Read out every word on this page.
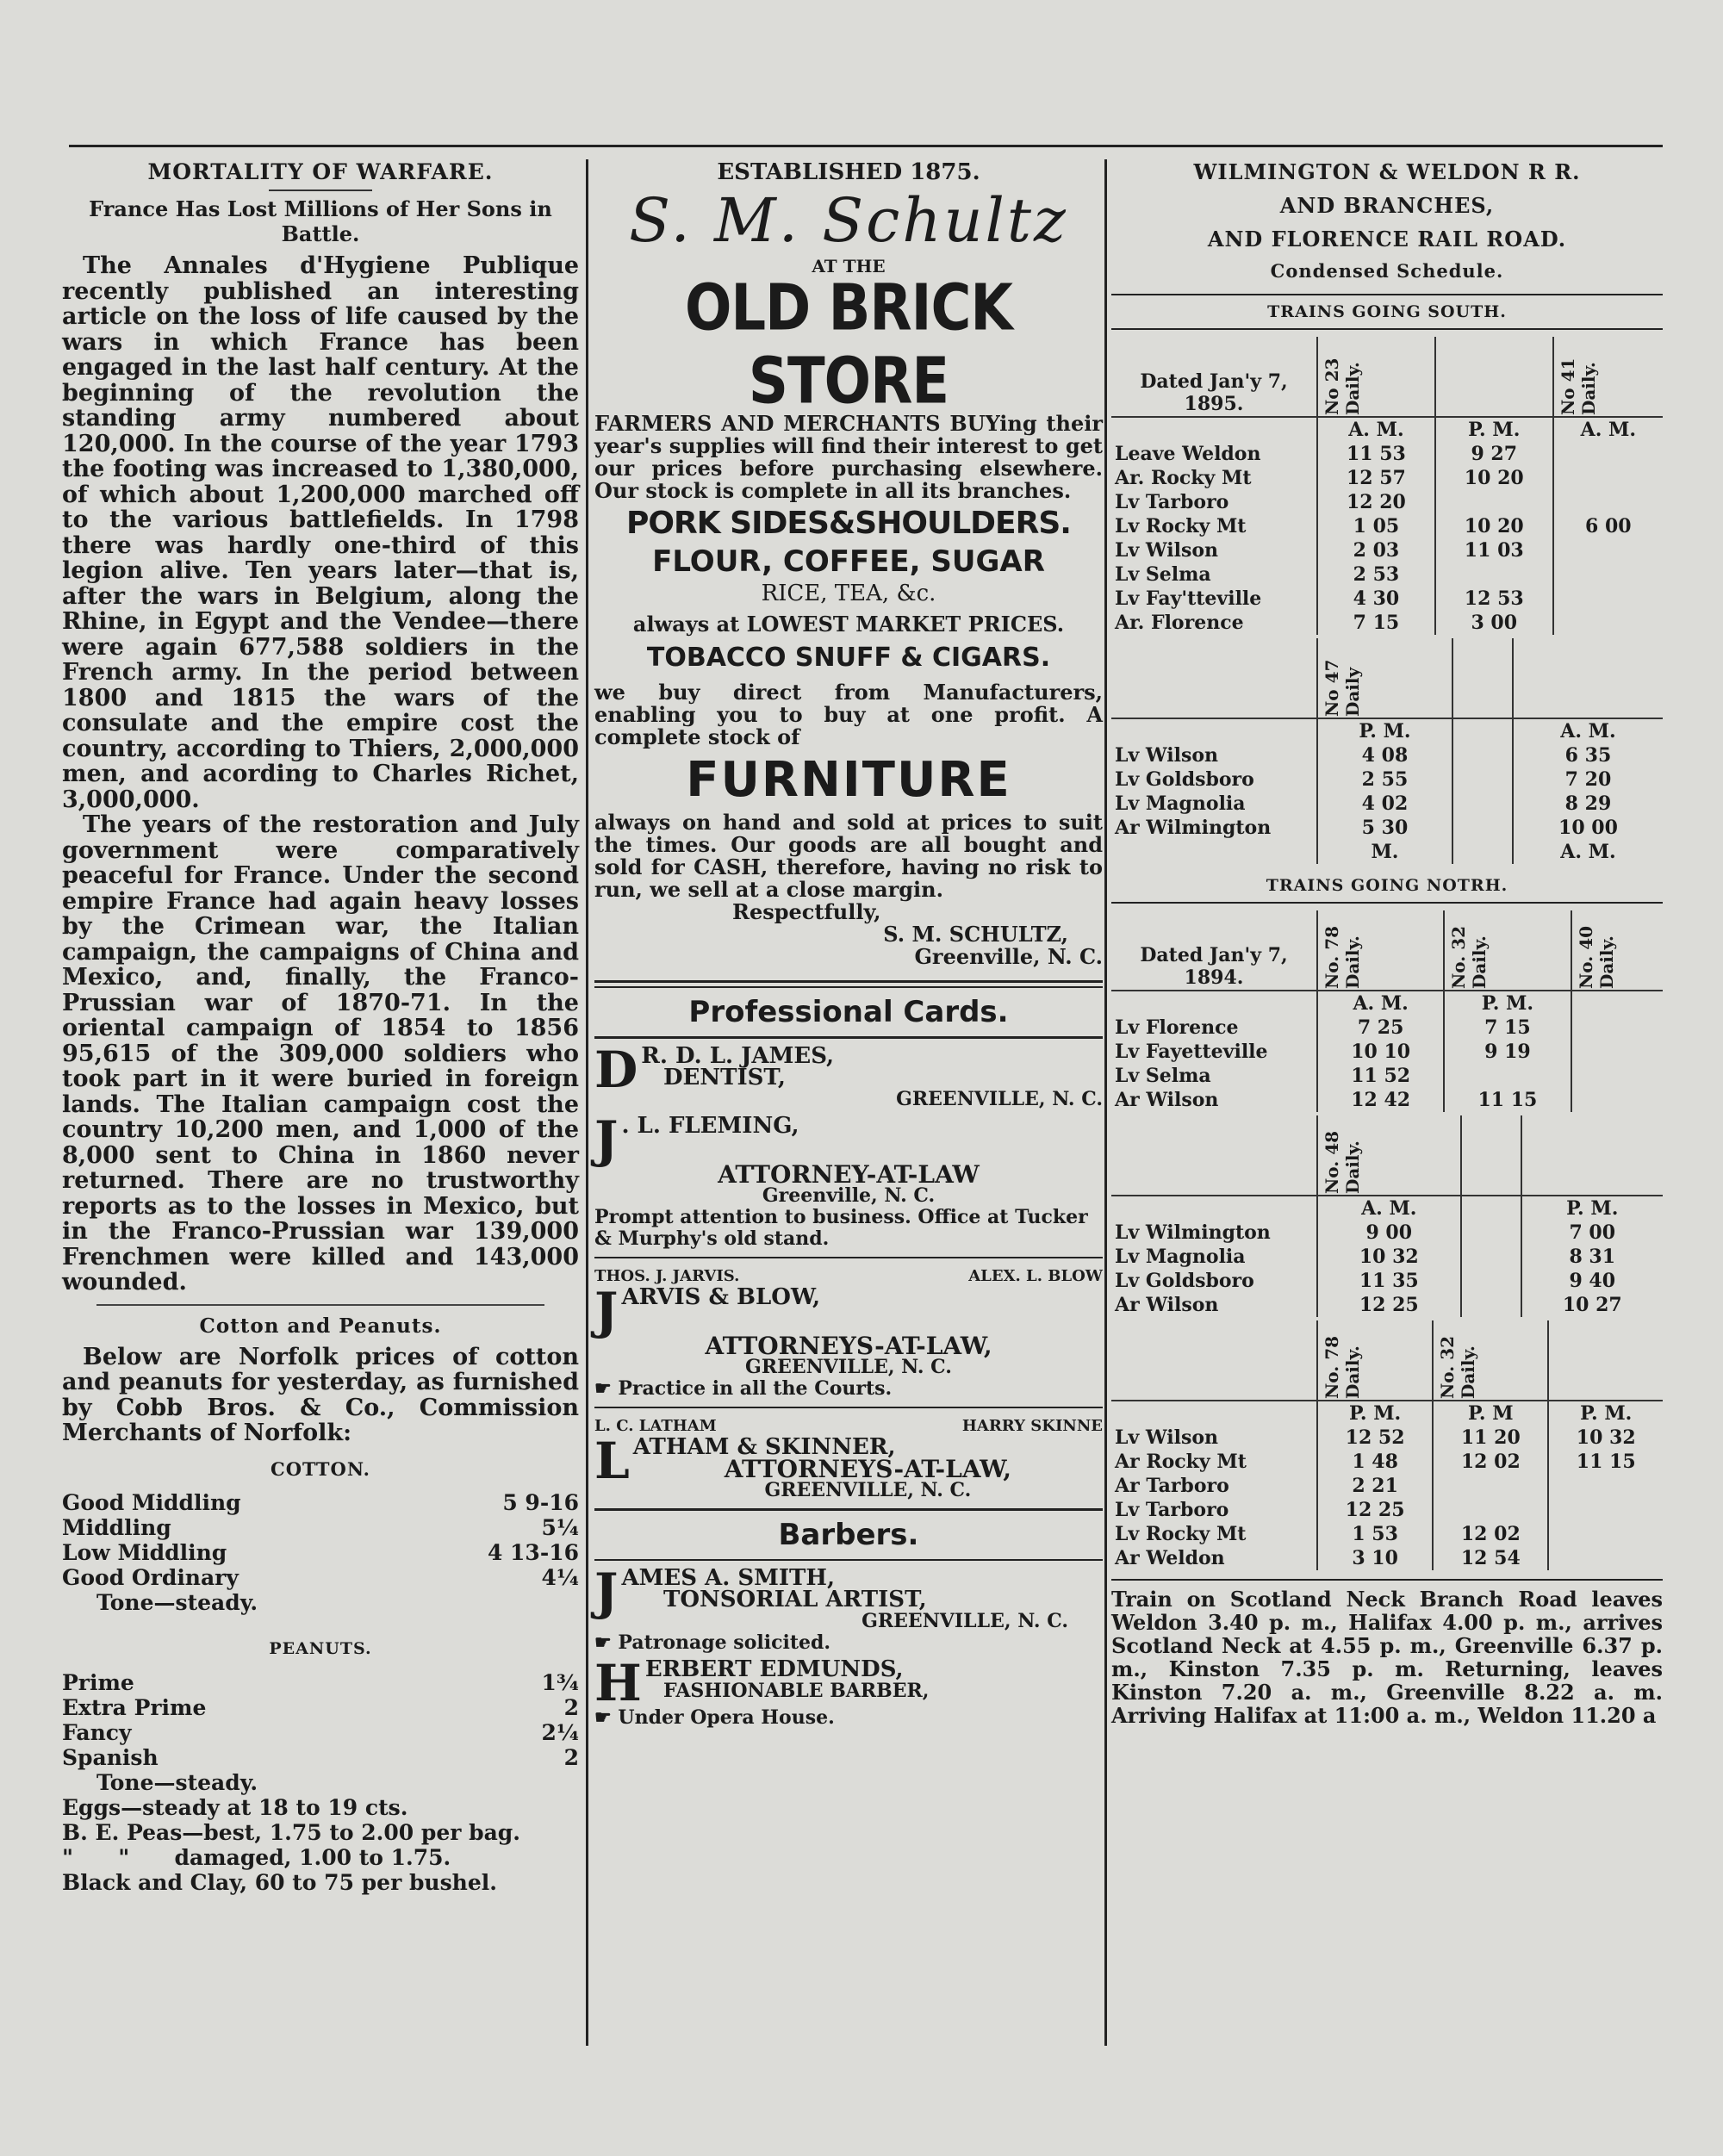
MORTALITY OF WARFARE.
France Has Lost Millions of Her Sons in Battle.

The Annales d'Hygiene Publique recently published an interesting article on the loss of life caused by the wars in which France has been engaged in the last half century. At the beginning of the revolution the standing army numbered about 120,000. In the course of the year 1793 the footing was increased to 1,380,000, of which about 1,200,000 marched off to the various battlefields. In 1798 there was hardly one-third of this legion alive. Ten years later—that is, after the wars in Belgium, along the Rhine, in Egypt and the Vendee—there were again 677,588 soldiers in the French army. In the period between 1800 and 1815 the wars of the consulate and the empire cost the country, according to Thiers, 2,000,000 men, and acording to Charles Richet, 3,000,000.

The years of the restoration and July government were comparatively peaceful for France. Under the second empire France had again heavy losses by the Crimean war, the Italian campaign, the campaigns of China and Mexico, and, finally, the Franco-Prussian war of 1870-71. In the oriental campaign of 1854 to 1856 95,615 of the 309,000 soldiers who took part in it were buried in foreign lands. The Italian campaign cost the country 10,200 men, and 1,000 of the 8,000 sent to China in 1860 never returned. There are no trustworthy reports as to the losses in Mexico, but in the Franco-Prussian war 139,000 Frenchmen were killed and 143,000 wounded.

Cotton and Peanuts.

Below are Norfolk prices of cotton and peanuts for yesterday, as furnished by Cobb Bros. & Co., Commission Merchants of Norfolk:

COTTON.
Good Middling	5 9-16
Middling	5¼
Low Middling	4 13-16
Good Ordinary	4¼
Tone—steady.
PEANUTS.
Prime	1¾
Extra Prime	2
Fancy	2¼
Spanish	2
Tone—steady.
Eggs—steady at 18 to 19 cts.
B. E. Peas—best, 1.75 to 2.00 per bag.
"      "      damaged, 1.00 to 1.75.
Black and Clay, 60 to 75 per bushel.
ESTABLISHED 1875.
S. M. Schultz
AT THE
OLD BRICK STORE
FARMERS AND MERCHANTS BUYing their year's supplies will find their interest to get our prices before purchasing elsewhere. Our stock is complete in all its branches.
PORK SIDES&SHOULDERS.
FLOUR, COFFEE, SUGAR
RICE, TEA, &c.
always at LOWEST MARKET PRICES.
TOBACCO SNUFF & CIGARS.
we buy direct from Manufacturers, enabling you to buy at one profit. A complete stock of
FURNITURE
always on hand and sold at prices to suit the times. Our goods are all bought and sold for CASH, therefore, having no risk to run, we sell at a close margin.
Respectfully,
S. M. SCHULTZ,
Greenville, N. C.
Professional Cards.
D R. D. L. JAMES,
DENTIST,
GREENVILLE, N. C.
J . L. FLEMING,
ATTORNEY-AT-LAW
Greenville, N. C.
Prompt attention to business. Office at Tucker & Murphy's old stand.
THOS. J. JARVIS.	ALEX. L. BLOW
J ARVIS & BLOW,
ATTORNEYS-AT-LAW,
GREENVILLE, N. C.
☛ Practice in all the Courts.
L. C. LATHAM	HARRY SKINNE
L ATHAM & SKINNER,
ATTORNEYS-AT-LAW,
GREENVILLE, N. C.
Barbers.
J AMES A. SMITH,
TONSORIAL ARTIST,
GREENVILLE, N. C.
☛ Patronage solicited.
H ERBERT EDMUNDS,
FASHIONABLE BARBER,
☛ Under Opera House.
WILMINGTON & WELDON R R.
AND BRANCHES,
AND FLORENCE RAIL ROAD.
Condensed Schedule.
TRAINS GOING SOUTH.
Dated Jan'y 7, 1895.	No 23 Daily.		No 41 Daily.

	A. M.	P. M.	A. M.
Leave Weldon	11 53	9 27	
Ar. Rocky Mt	12 57	10 20	
Lv Tarboro	12 20		
Lv Rocky Mt	1 05	10 20	6 00
Lv Wilson	2 03	11 03	
Lv Selma	2 53		
Lv Fay'tteville	4 30	12 53	
Ar. Florence	7 15	3 00	

	No 47 Daily		

	P. M.		A. M.
Lv Wilson	4 08		6 35
Lv Goldsboro	2 55		7 20
Lv Magnolia	4 02		8 29
Ar Wilmington	5 30		10 00
	M.		A. M.
TRAINS GOING NOTRH.
Dated Jan'y 7, 1894.	No. 78 Daily.	No. 32 Daily.	No. 40 Daily.

	A. M.	P. M.	
Lv Florence	7 25	7 15	
Lv Fayetteville	10 10	9 19	
Lv Selma	11 52		
Ar Wilson	12 42	11 15	

	No. 48 Daily.		

	A. M.		P. M.
Lv Wilmington	9 00		7 00
Lv Magnolia	10 32		8 31
Lv Goldsboro	11 35		9 40
Ar Wilson	12 25		10 27

	No. 78 Daily.	No. 32 Daily.	

	P. M.	P. M	P. M.
Lv Wilson	12 52	11 20	10 32
Ar Rocky Mt	1 48	12 02	11 15
Ar Tarboro	2 21		
Lv Tarboro	12 25		
Lv Rocky Mt	1 53	12 02	
Ar Weldon	3 10	12 54	
Train on Scotland Neck Branch Road leaves Weldon 3.40 p. m., Halifax 4.00 p. m., arrives Scotland Neck at 4.55 p. m., Greenville 6.37 p. m., Kinston 7.35 p. m. Returning, leaves Kinston 7.20 a. m., Greenville 8.22 a. m. Arriving Halifax at 11:00 a. m., Weldon 11.20 a
